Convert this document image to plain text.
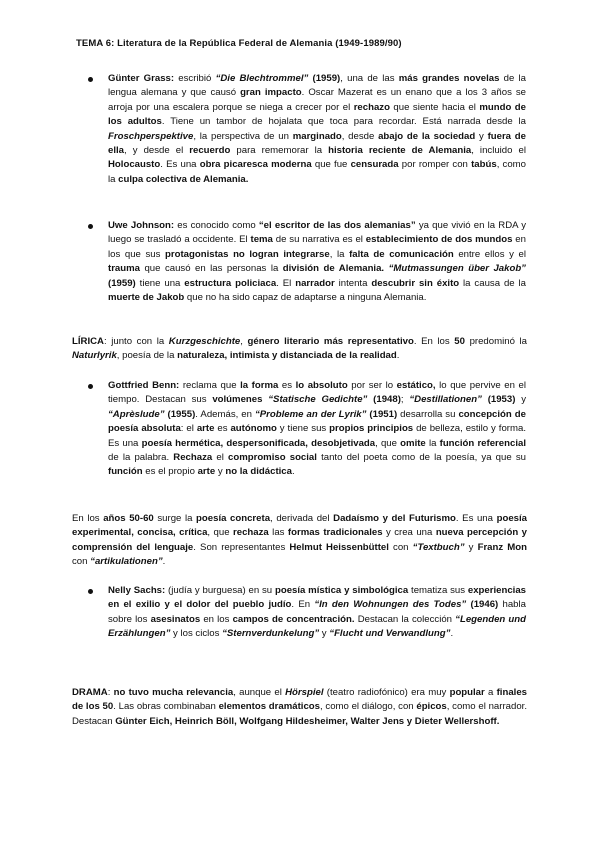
TEMA 6: Literatura de la República Federal de Alemania (1949-1989/90)
Günter Grass: escribió “Die Blechtrommel” (1959), una de las más grandes novelas de la lengua alemana y que causó gran impacto. Oscar Mazerat es un enano que a los 3 años se arroja por una escalera porque se niega a crecer por el rechazo que siente hacia el mundo de los adultos. Tiene un tambor de hojalata que toca para recordar. Está narrada desde la Froschperspektive, la perspectiva de un marginado, desde abajo de la sociedad y fuera de ella, y desde el recuerdo para rememorar la historia reciente de Alemania, incluido el Holocausto. Es una obra picaresca moderna que fue censurada por romper con tabús, como la culpa colectiva de Alemania.
Uwe Johnson: es conocido como “el escritor de las dos alemanias” ya que vivió en la RDA y luego se trasladó a occidente. El tema de su narrativa es el establecimiento de dos mundos en los que sus protagonistas no logran integrarse, la falta de comunicación entre ellos y el trauma que causó en las personas la división de Alemania. “Mutmassungen über Jakob” (1959) tiene una estructura policiaca. El narrador intenta descubrir sin éxito la causa de la muerte de Jakob que no ha sido capaz de adaptarse a ninguna Alemania.
LÍRICA: junto con la Kurzgeschichte, género literario más representativo. En los 50 predominó la Naturlyrik, poesía de la naturaleza, intimista y distanciada de la realidad.
Gottfried Benn: reclama que la forma es lo absoluto por ser lo estático, lo que pervive en el tiempo. Destacan sus volúmenes “Statische Gedichte” (1948); “Destillationen” (1953) y “Aprèslude” (1955). Además, en “Probleme an der Lyrik” (1951) desarrolla su concepción de poesía absoluta: el arte es autónomo y tiene sus propios principios de belleza, estilo y forma. Es una poesía hermética, despersonificada, desobjetivada, que omite la función referencial de la palabra. Rechaza el compromiso social tanto del poeta como de la poesía, ya que su función es el propio arte y no la didáctica.
En los años 50-60 surge la poesía concreta, derivada del Dadaísmo y del Futurismo. Es una poesía experimental, concisa, crítica, que rechaza las formas tradicionales y crea una nueva percepción y comprensión del lenguaje. Son representantes Helmut Heissenbüttel con “Textbuch” y Franz Mon con “artikulationen”.
Nelly Sachs: (judía y burguesa) en su poesía mística y simbológica tematiza sus experiencias en el exilio y el dolor del pueblo judío. En “In den Wohnungen des Todes” (1946) habla sobre los asesinatos en los campos de concentración. Destacan la colección “Legenden und Erzählungen” y los ciclos “Sternverdunkelung” y “Flucht und Verwandlung”.
DRAMA: no tuvo mucha relevancia, aunque el Hörspiel (teatro radiofónico) era muy popular a finales de los 50. Las obras combinaban elementos dramáticos, como el diálogo, con épicos, como el narrador. Destacan Günter Eich, Heinrich Böll, Wolfgang Hildesheimer, Walter Jens y Dieter Wellershoff.
